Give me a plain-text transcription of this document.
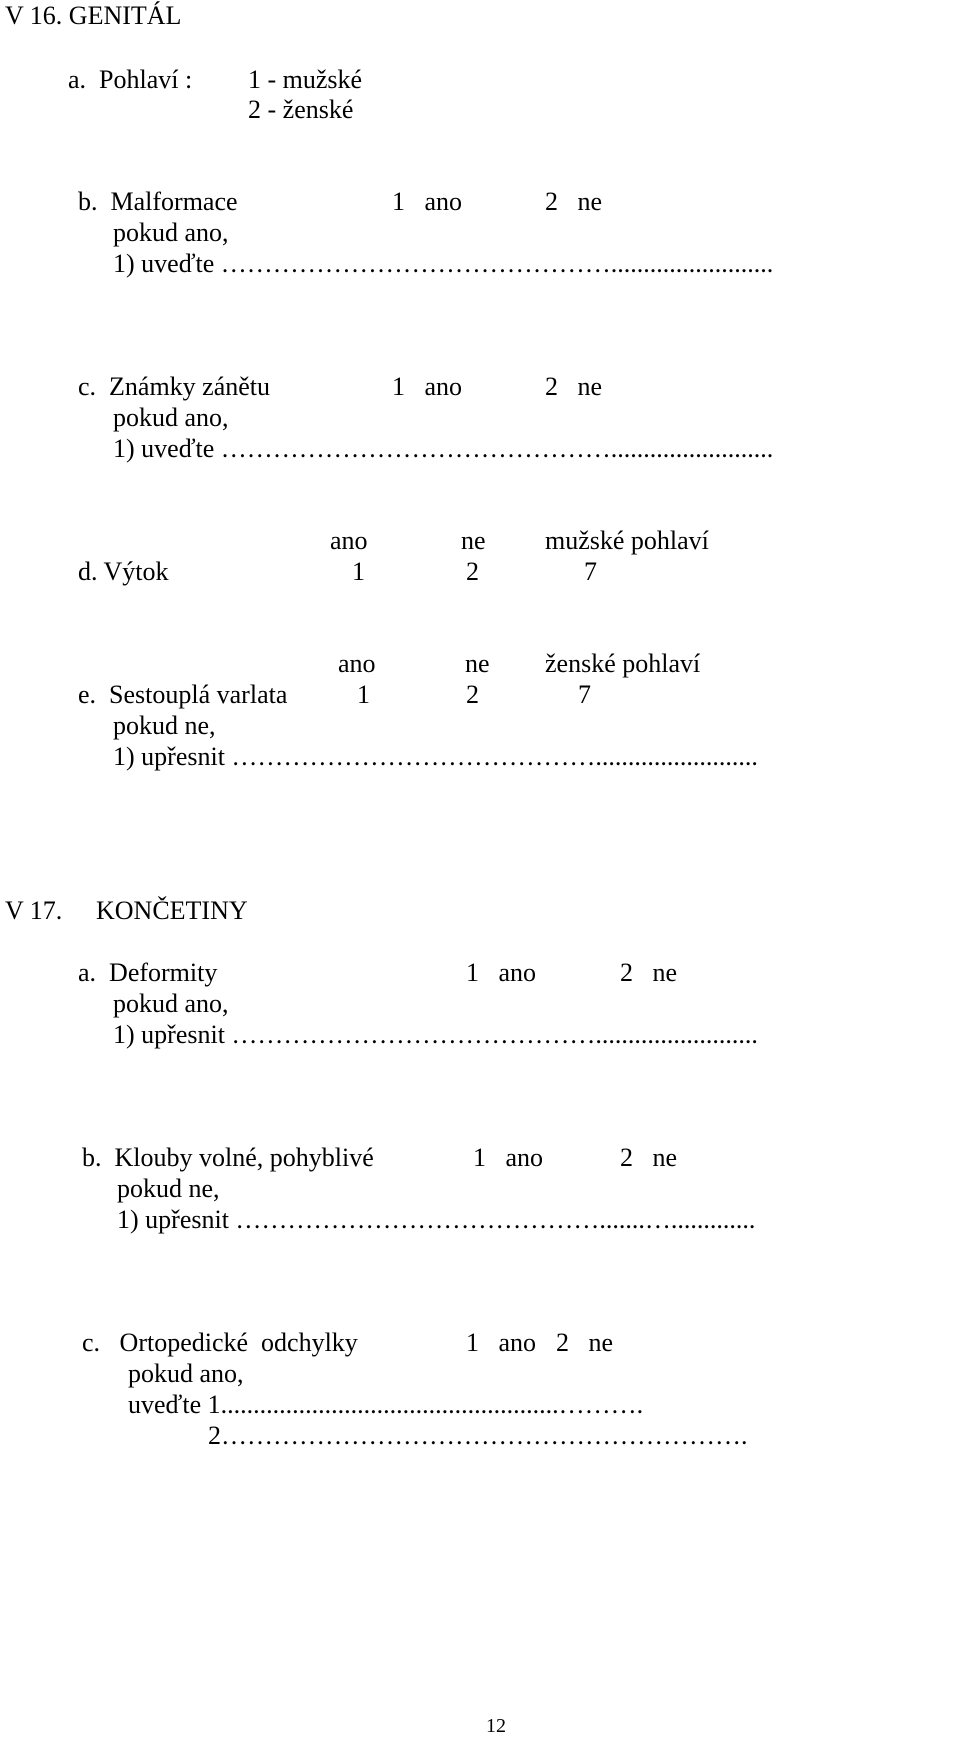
V 16. GENITÁL
a.  Pohlaví : 1 - mužské
2 - ženské
b.  Malformace	1   ano	2   ne
pokud ano,
1) uveďte ……………………………………….........................
c.  Známky zánětu	1   ano	2   ne
pokud ano,
1) uveďte ……………………………………….........................
ano	ne mužské pohlaví
d. Výtok	1	2	7
ano	ne ženské pohlaví
e.  Sestouplá varlata	1	2	7
pokud ne,
1) upřesnit …………………………………….........................
V 17. KONČETINY
a.  Deformity	1   ano	2   ne
pokud ano,
1) upřesnit …………………………………….........................
b.  Klouby volné, pohyblivé	1   ano	2   ne
pokud ne,
1) upřesnit …………………………………….......….............
c.   Ortopedické  odchylky	1   ano 2   ne
pokud ano,
uveďte 1....................................................……….
2…………………………………………………….
12
